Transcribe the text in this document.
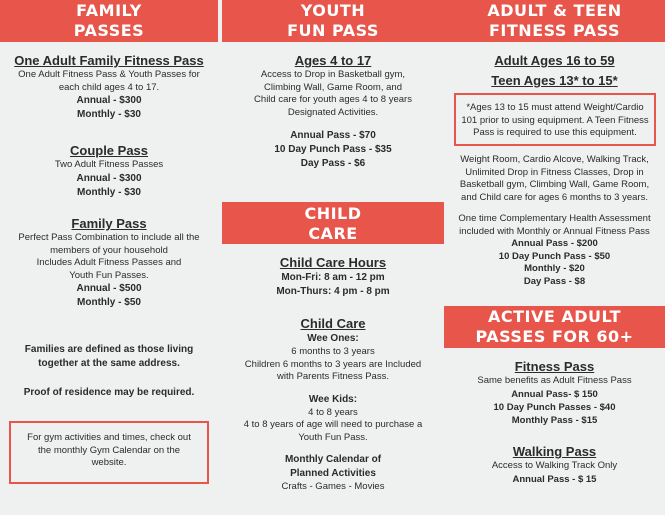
FAMILY
PASSES
One Adult Family Fitness Pass
One Adult Fitness Pass & Youth Passes for
each child ages 4 to 17.
Annual - $300
Monthly - $30
Couple Pass
Two Adult Fitness Passes
Annual - $300
Monthly - $30
Family Pass
Perfect Pass Combination to include all the
members of your household
Includes Adult Fitness Passes and
Youth Fun Passes.
Annual - $500
Monthly - $50
Families are defined as those living
together at the same address.
Proof of residence may be required.
For gym activities and times, check out
the monthly Gym Calendar on the
website.
YOUTH
FUN PASS
Ages 4 to 17
Access to Drop in Basketball gym,
Climbing Wall, Game Room, and
Child care for youth ages 4 to 8 years
Designated Activities.
Annual Pass - $70
10 Day Punch Pass - $35
Day Pass - $6
CHILD
CARE
Child Care Hours
Mon-Fri: 8 am - 12 pm
Mon-Thurs: 4 pm - 8 pm
Child Care
Wee Ones:
6 months to 3 years
Children 6 months to 3 years are Included
with Parents Fitness Pass.
Wee Kids:
4 to 8 years
4 to 8 years of age will need to purchase a
Youth Fun Pass.
Monthly Calendar of
Planned Activities
Crafts - Games - Movies
ADULT & TEEN
FITNESS PASS
Adult Ages 16 to 59
Teen Ages 13* to 15*
*Ages 13 to 15 must attend Weight/Cardio
101 prior to using equipment. A Teen Fitness
Pass is required to use this equipment.
Weight Room, Cardio Alcove, Walking Track,
Unlimited Drop in Fitness Classes, Drop in
Basketball gym, Climbing Wall, Game Room,
and Child care for ages 6 months to 3 years.
One time Complementary Health Assessment
included with Monthly or Annual Fitness Pass
Annual Pass - $200
10 Day Punch Pass - $50
Monthly - $20
Day Pass - $8
ACTIVE ADULT
PASSES FOR 60+
Fitness Pass
Same benefits as Adult Fitness Pass
Annual Pass- $ 150
10 Day Punch Passes - $40
Monthly Pass - $15
Walking Pass
Access to Walking Track Only
Annual Pass - $ 15
